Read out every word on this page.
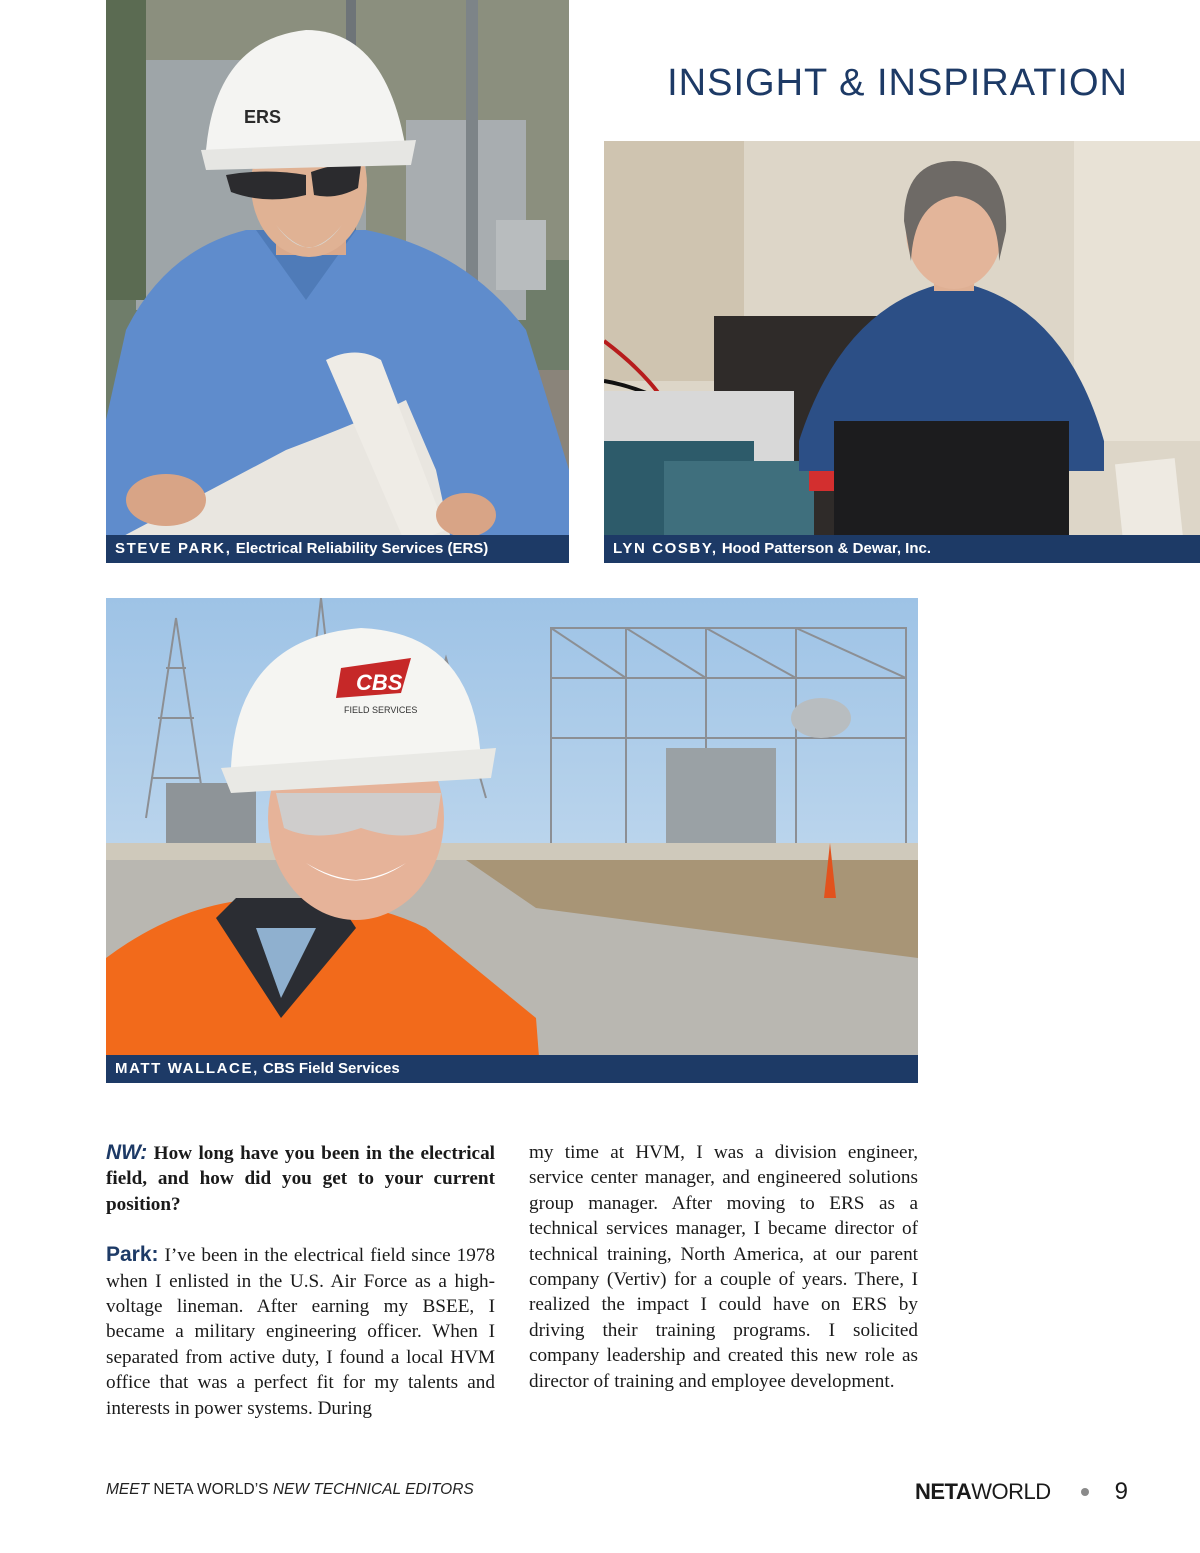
INSIGHT & INSPIRATION
ERS
STEVE PARK, Electrical Reliability Services (ERS)	LYN COSBY, Hood Patterson & Dewar, Inc.
CBS
FIELD SERVICES
MATT WALLACE, CBS Field Services

NW: How long have you been in the electrical field, and how did you get to your current position?

Park: I’ve been in the electrical field since 1978 when I enlisted in the U.S. Air Force as a high-voltage lineman. After earning my BSEE, I became a military engineering officer. When I separated from active duty, I found a local HVM office that was a perfect fit for my talents and interests in power systems. During

my time at HVM, I was a division engineer, service center manager, and engineered solutions group manager. After moving to ERS as a technical services manager, I became director of technical training, North America, at our parent company (Vertiv) for a couple of years. There, I realized the impact I could have on ERS by driving their training programs. I solicited company leadership and created this new role as director of training and employee development.

MEET NETA WORLD’S NEW TECHNICAL EDITORS	NETA WORLD	9
